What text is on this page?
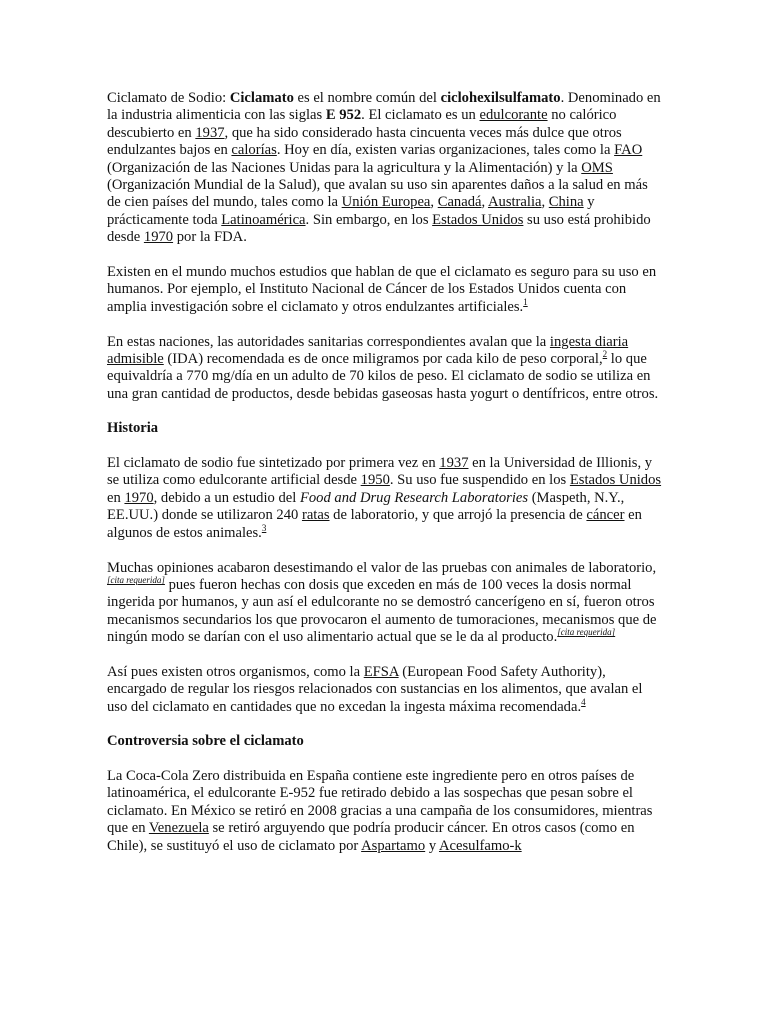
Ciclamato de Sodio: Ciclamato es el nombre común del ciclohexilsulfamato. Denominado en la industria alimenticia con las siglas E 952. El ciclamato es un edulcorante no calórico descubierto en 1937, que ha sido considerado hasta cincuenta veces más dulce que otros endulzantes bajos en calorías. Hoy en día, existen varias organizaciones, tales como la FAO (Organización de las Naciones Unidas para la agricultura y la Alimentación) y la OMS (Organización Mundial de la Salud), que avalan su uso sin aparentes daños a la salud en más de cien países del mundo, tales como la Unión Europea, Canadá, Australia, China y prácticamente toda Latinoamérica. Sin embargo, en los Estados Unidos su uso está prohibido desde 1970 por la FDA.

Existen en el mundo muchos estudios que hablan de que el ciclamato es seguro para su uso en humanos. Por ejemplo, el Instituto Nacional de Cáncer de los Estados Unidos cuenta con amplia investigación sobre el ciclamato y otros endulzantes artificiales.$^1$

En estas naciones, las autoridades sanitarias correspondientes avalan que la ingesta diaria admisible (IDA) recomendada es de once miligramos por cada kilo de peso corporal,$^2$ lo que equivaldría a 770 mg/día en un adulto de 70 kilos de peso. El ciclamato de sodio se utiliza en una gran cantidad de productos, desde bebidas gaseosas hasta yogurt o dentífricos, entre otros.

Historia

El ciclamato de sodio fue sintetizado por primera vez en 1937 en la Universidad de Illionis, y se utiliza como edulcorante artificial desde 1950. Su uso fue suspendido en los Estados Unidos en 1970, debido a un estudio del Food and Drug Research Laboratories (Maspeth, N.Y., EE.UU.) donde se utilizaron 240 ratas de laboratorio, y que arrojó la presencia de cáncer en algunos de estos animales.$^3$

Muchas opiniones acabaron desestimando el valor de las pruebas con animales de laboratorio,[cita requerida] pues fueron hechas con dosis que exceden en más de 100 veces la dosis normal ingerida por humanos, y aun así el edulcorante no se demostró cancerígeno en sí, fueron otros mecanismos secundarios los que provocaron el aumento de tumoraciones, mecanismos que de ningún modo se darían con el uso alimentario actual que se le da al producto.[cita requerida]

Así pues existen otros organismos, como la EFSA (European Food Safety Authority), encargado de regular los riesgos relacionados con sustancias en los alimentos, que avalan el uso del ciclamato en cantidades que no excedan la ingesta máxima recomendada.$^4$

Controversia sobre el ciclamato

La Coca-Cola Zero distribuida en España contiene este ingrediente pero en otros países de latinoamérica, el edulcorante E-952 fue retirado debido a las sospechas que pesan sobre el ciclamato. En México se retiró en 2008 gracias a una campaña de los consumidores, mientras que en Venezuela se retiró arguyendo que podría producir cáncer. En otros casos (como en Chile), se sustituyó el uso de ciclamato por Aspartamo y Acesulfamo-k
